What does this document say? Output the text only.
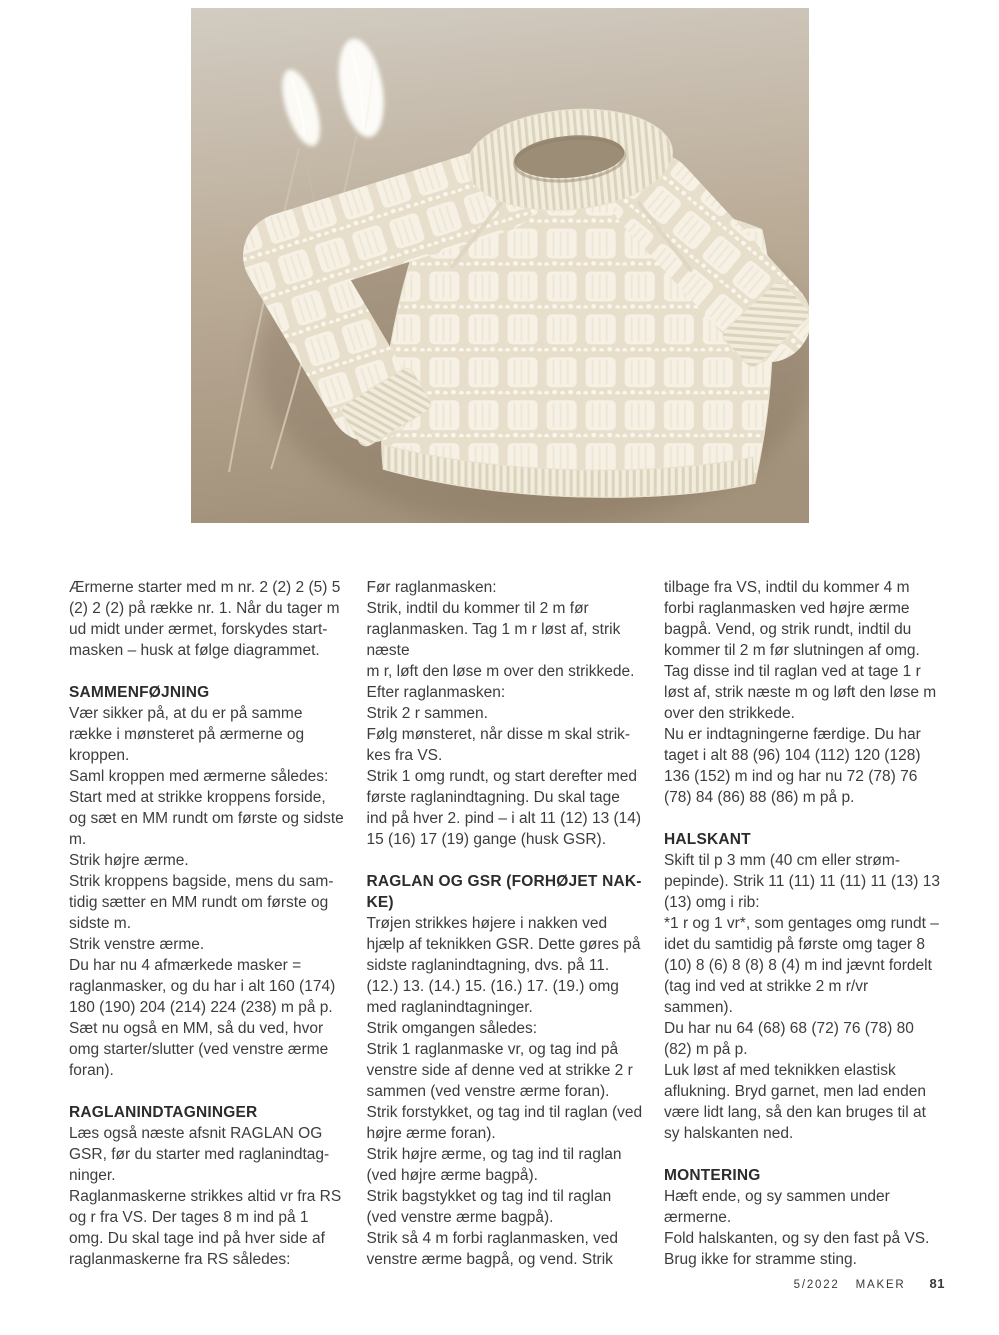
Ærmerne starter med m nr. 2 (2) 2 (5) 5 (2) 2 (2) på række nr. 1. Når du tager m ud midt under ærmet, forskydes startmasken – husk at følge diagrammet.

SAMMENFØJNING

Vær sikker på, at du er på samme række i mønsteret på ærmerne og kroppen.

Saml kroppen med ærmerne således:

Start med at strikke kroppens forside, og sæt en MM rundt om første og sidste m.

Strik højre ærme.

Strik kroppens bagside, mens du samtidig sætter en MM rundt om første og sidste m.

Strik venstre ærme.

Du har nu 4 afmærkede masker = raglanmasker, og du har i alt 160 (174) 180 (190) 204 (214) 224 (238) m på p.

Sæt nu også en MM, så du ved, hvor omg starter/slutter (ved venstre ærme foran).

RAGLANINDTAGNINGER

Læs også næste afsnit RAGLAN OG GSR, før du starter med raglanindtagninger.

Raglanmaskerne strikkes altid vr fra RS og r fra VS. Der tages 8 m ind på 1 omg. Du skal tage ind på hver side af raglanmaskerne fra RS således:

Før raglanmasken:

Strik, indtil du kommer til 2 m før raglanmasken. Tag 1 m r løst af, strik næste

m r, løft den løse m over den strikkede.

Efter raglanmasken:

Strik 2 r sammen.

Følg mønsteret, når disse m skal strikkes fra VS.

Strik 1 omg rundt, og start derefter med første raglanindtagning. Du skal tage ind på hver 2. pind – i alt 11 (12) 13 (14) 15 (16) 17 (19) gange (husk GSR).

RAGLAN OG GSR (FORHØJET NAKKE)

Trøjen strikkes højere i nakken ved hjælp af teknikken GSR. Dette gøres på sidste raglanindtagning, dvs. på 11. (12.) 13. (14.) 15. (16.) 17. (19.) omg med raglanindtagninger.

Strik omgangen således:

Strik 1 raglanmaske vr, og tag ind på venstre side af denne ved at strikke 2 r sammen (ved venstre ærme foran).

Strik forstykket, og tag ind til raglan (ved højre ærme foran).

Strik højre ærme, og tag ind til raglan (ved højre ærme bagpå).

Strik bagstykket og tag ind til raglan (ved venstre ærme bagpå).

Strik så 4 m forbi raglanmasken, ved venstre ærme bagpå, og vend. Strik

tilbage fra VS, indtil du kommer 4 m forbi raglanmasken ved højre ærme bagpå. Vend, og strik rundt, indtil du kommer til 2 m før slutningen af omg. Tag disse ind til raglan ved at tage 1 r løst af, strik næste m og løft den løse m over den strikkede.

Nu er indtagningerne færdige. Du har taget i alt 88 (96) 104 (112) 120 (128) 136 (152) m ind og har nu 72 (78) 76 (78) 84 (86) 88 (86) m på p.

HALSKANT

Skift til p 3 mm (40 cm eller strømpepinde). Strik 11 (11) 11 (11) 11 (13) 13 (13) omg i rib:

*1 r og 1 vr*, som gentages omg rundt – idet du samtidig på første omg tager 8 (10) 8 (6) 8 (8) 8 (4) m ind jævnt fordelt (tag ind ved at strikke 2 m r/vr sammen).

Du har nu 64 (68) 68 (72) 76 (78) 80 (82) m på p.

Luk løst af med teknikken elastisk aflukning. Bryd garnet, men lad enden være lidt lang, så den kan bruges til at sy halskanten ned.

MONTERING

Hæft ende, og sy sammen under ærmerne.

Fold halskanten, og sy den fast på VS.

Brug ikke for stramme sting.

5/2022 MAKER 81
